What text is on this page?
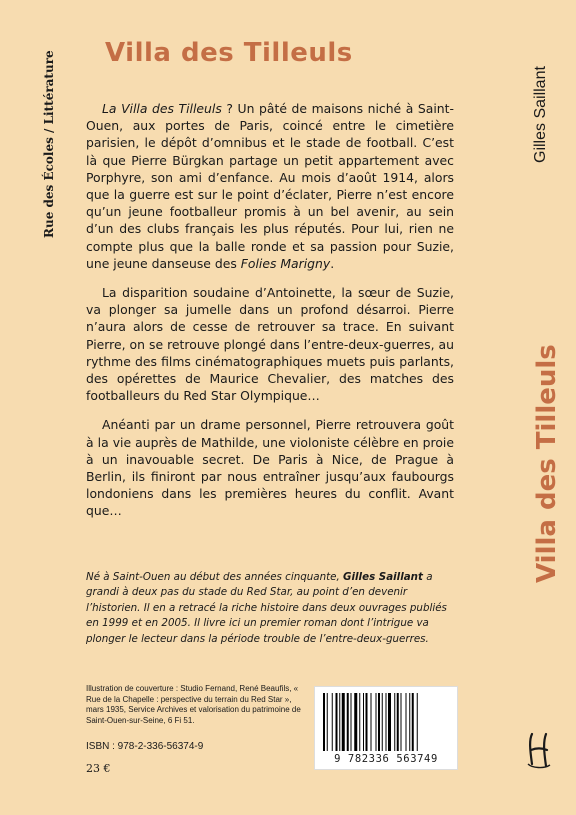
Rue des Écoles / Littérature	Gilles Saillant
Villa des Tilleuls
Villa des Tilleuls

La Villa des Tilleuls ? Un pâté de maisons niché à Saint-Ouen, aux portes de Paris, coincé entre le cimetière parisien, le dépôt d’omnibus et le stade de football. C’est là que Pierre Bürgkan partage un petit appartement avec Porphyre, son ami d’enfance. Au mois d’août 1914, alors que la guerre est sur le point d’éclater, Pierre n’est encore qu’un jeune footballeur promis à un bel avenir, au sein d’un des clubs français les plus réputés. Pour lui, rien ne compte plus que la balle ronde et sa passion pour Suzie, une jeune danseuse des Folies Marigny.

La disparition soudaine d’Antoinette, la sœur de Suzie, va plonger sa jumelle dans un profond désarroi. Pierre n’aura alors de cesse de retrouver sa trace. En suivant Pierre, on se retrouve plongé dans l’entre-deux-guerres, au rythme des films cinématographiques muets puis parlants, des opérettes de Maurice Chevalier, des matches des footballeurs du Red Star Olympique…

Anéanti par un drame personnel, Pierre retrouvera goût à la vie auprès de Mathilde, une violoniste célèbre en proie à un inavouable secret. De Paris à Nice, de Prague à Berlin, ils finiront par nous entraîner jusqu’aux faubourgs londoniens dans les premières heures du conflit. Avant que…

Né à Saint-Ouen au début des années cinquante, Gilles Saillant a grandi à deux pas du stade du Red Star, au point d’en devenir l’historien. Il en a retracé la riche histoire dans deux ouvrages publiés en 1999 et en 2005. Il livre ici un premier roman dont l’intrigue va plonger le lecteur dans la période trouble de l’entre-deux-guerres.
Illustration de couverture : Studio Fernand, René Beaufils, « Rue de la Chapelle : perspective du terrain du Red Star », mars 1935, Service Archives et valorisation du patrimoine de Saint-Ouen-sur-Seine, 6 Fi 51.
ISBN : 978-2-336-56374-9
23 €
9 782336 563749
